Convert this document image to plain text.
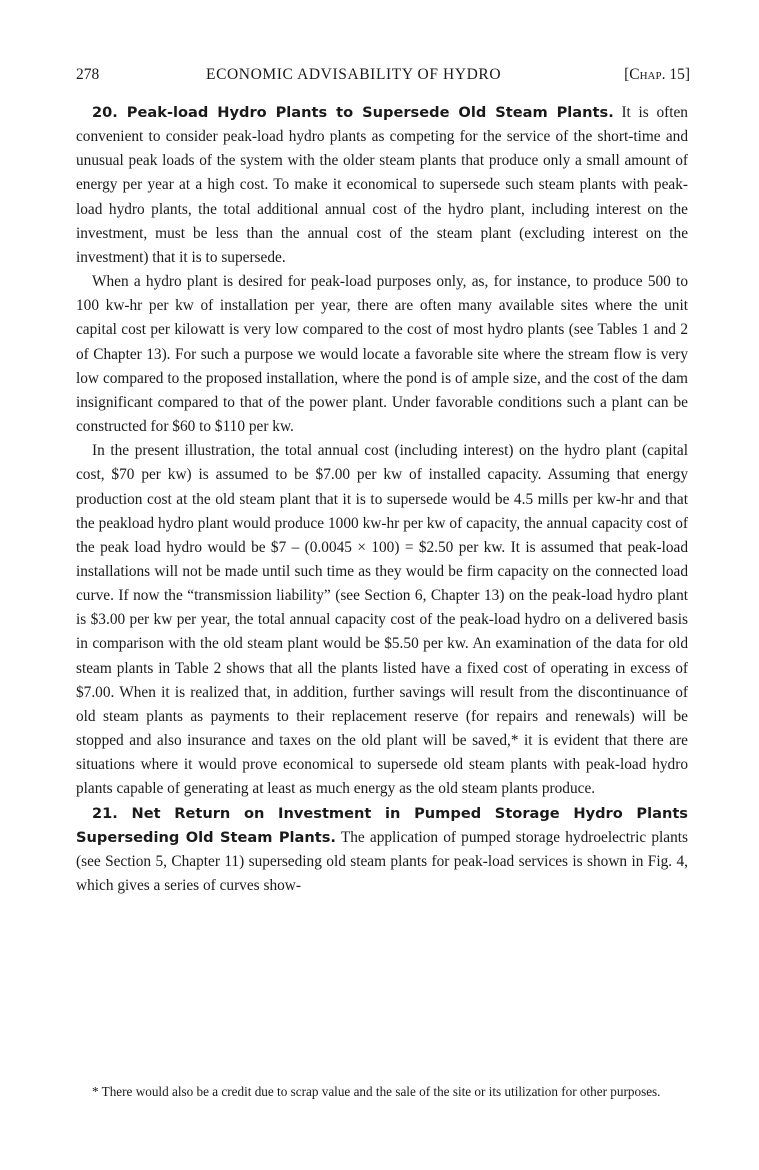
278	ECONOMIC ADVISABILITY OF HYDRO	[Chap. 15]

20. Peak-load Hydro Plants to Supersede Old Steam Plants. It is often convenient to consider peak-load hydro plants as competing for the service of the short-time and unusual peak loads of the system with the older steam plants that produce only a small amount of energy per year at a high cost. To make it economical to supersede such steam plants with peak-load hydro plants, the total additional annual cost of the hydro plant, including interest on the investment, must be less than the annual cost of the steam plant (excluding interest on the investment) that it is to supersede.

When a hydro plant is desired for peak-load purposes only, as, for instance, to produce 500 to 100 kw-hr per kw of installation per year, there are often many available sites where the unit capital cost per kilowatt is very low compared to the cost of most hydro plants (see Tables 1 and 2 of Chapter 13). For such a purpose we would locate a favorable site where the stream flow is very low compared to the proposed installation, where the pond is of ample size, and the cost of the dam insignificant compared to that of the power plant. Under favorable conditions such a plant can be constructed for $60 to $110 per kw.

In the present illustration, the total annual cost (including interest) on the hydro plant (capital cost, $70 per kw) is assumed to be $7.00 per kw of installed capacity. Assuming that energy production cost at the old steam plant that it is to supersede would be 4.5 mills per kw-hr and that the peakload hydro plant would produce 1000 kw-hr per kw of capacity, the annual capacity cost of the peak load hydro would be $7 – (0.0045 × 100) = $2.50 per kw. It is assumed that peak-load installations will not be made until such time as they would be firm capacity on the connected load curve. If now the “transmission liability” (see Section 6, Chapter 13) on the peak-load hydro plant is $3.00 per kw per year, the total annual capacity cost of the peak-load hydro on a delivered basis in comparison with the old steam plant would be $5.50 per kw. An examination of the data for old steam plants in Table 2 shows that all the plants listed have a fixed cost of operating in excess of $7.00. When it is realized that, in addition, further savings will result from the discontinuance of old steam plants as payments to their replacement reserve (for repairs and renewals) will be stopped and also insurance and taxes on the old plant will be saved,* it is evident that there are situations where it would prove economical to supersede old steam plants with peak-load hydro plants capable of generating at least as much energy as the old steam plants produce.

21. Net Return on Investment in Pumped Storage Hydro Plants Superseding Old Steam Plants. The application of pumped storage hydroelectric plants (see Section 5, Chapter 11) superseding old steam plants for peak-load services is shown in Fig. 4, which gives a series of curves show-

* There would also be a credit due to scrap value and the sale of the site or its utilization for other purposes.
